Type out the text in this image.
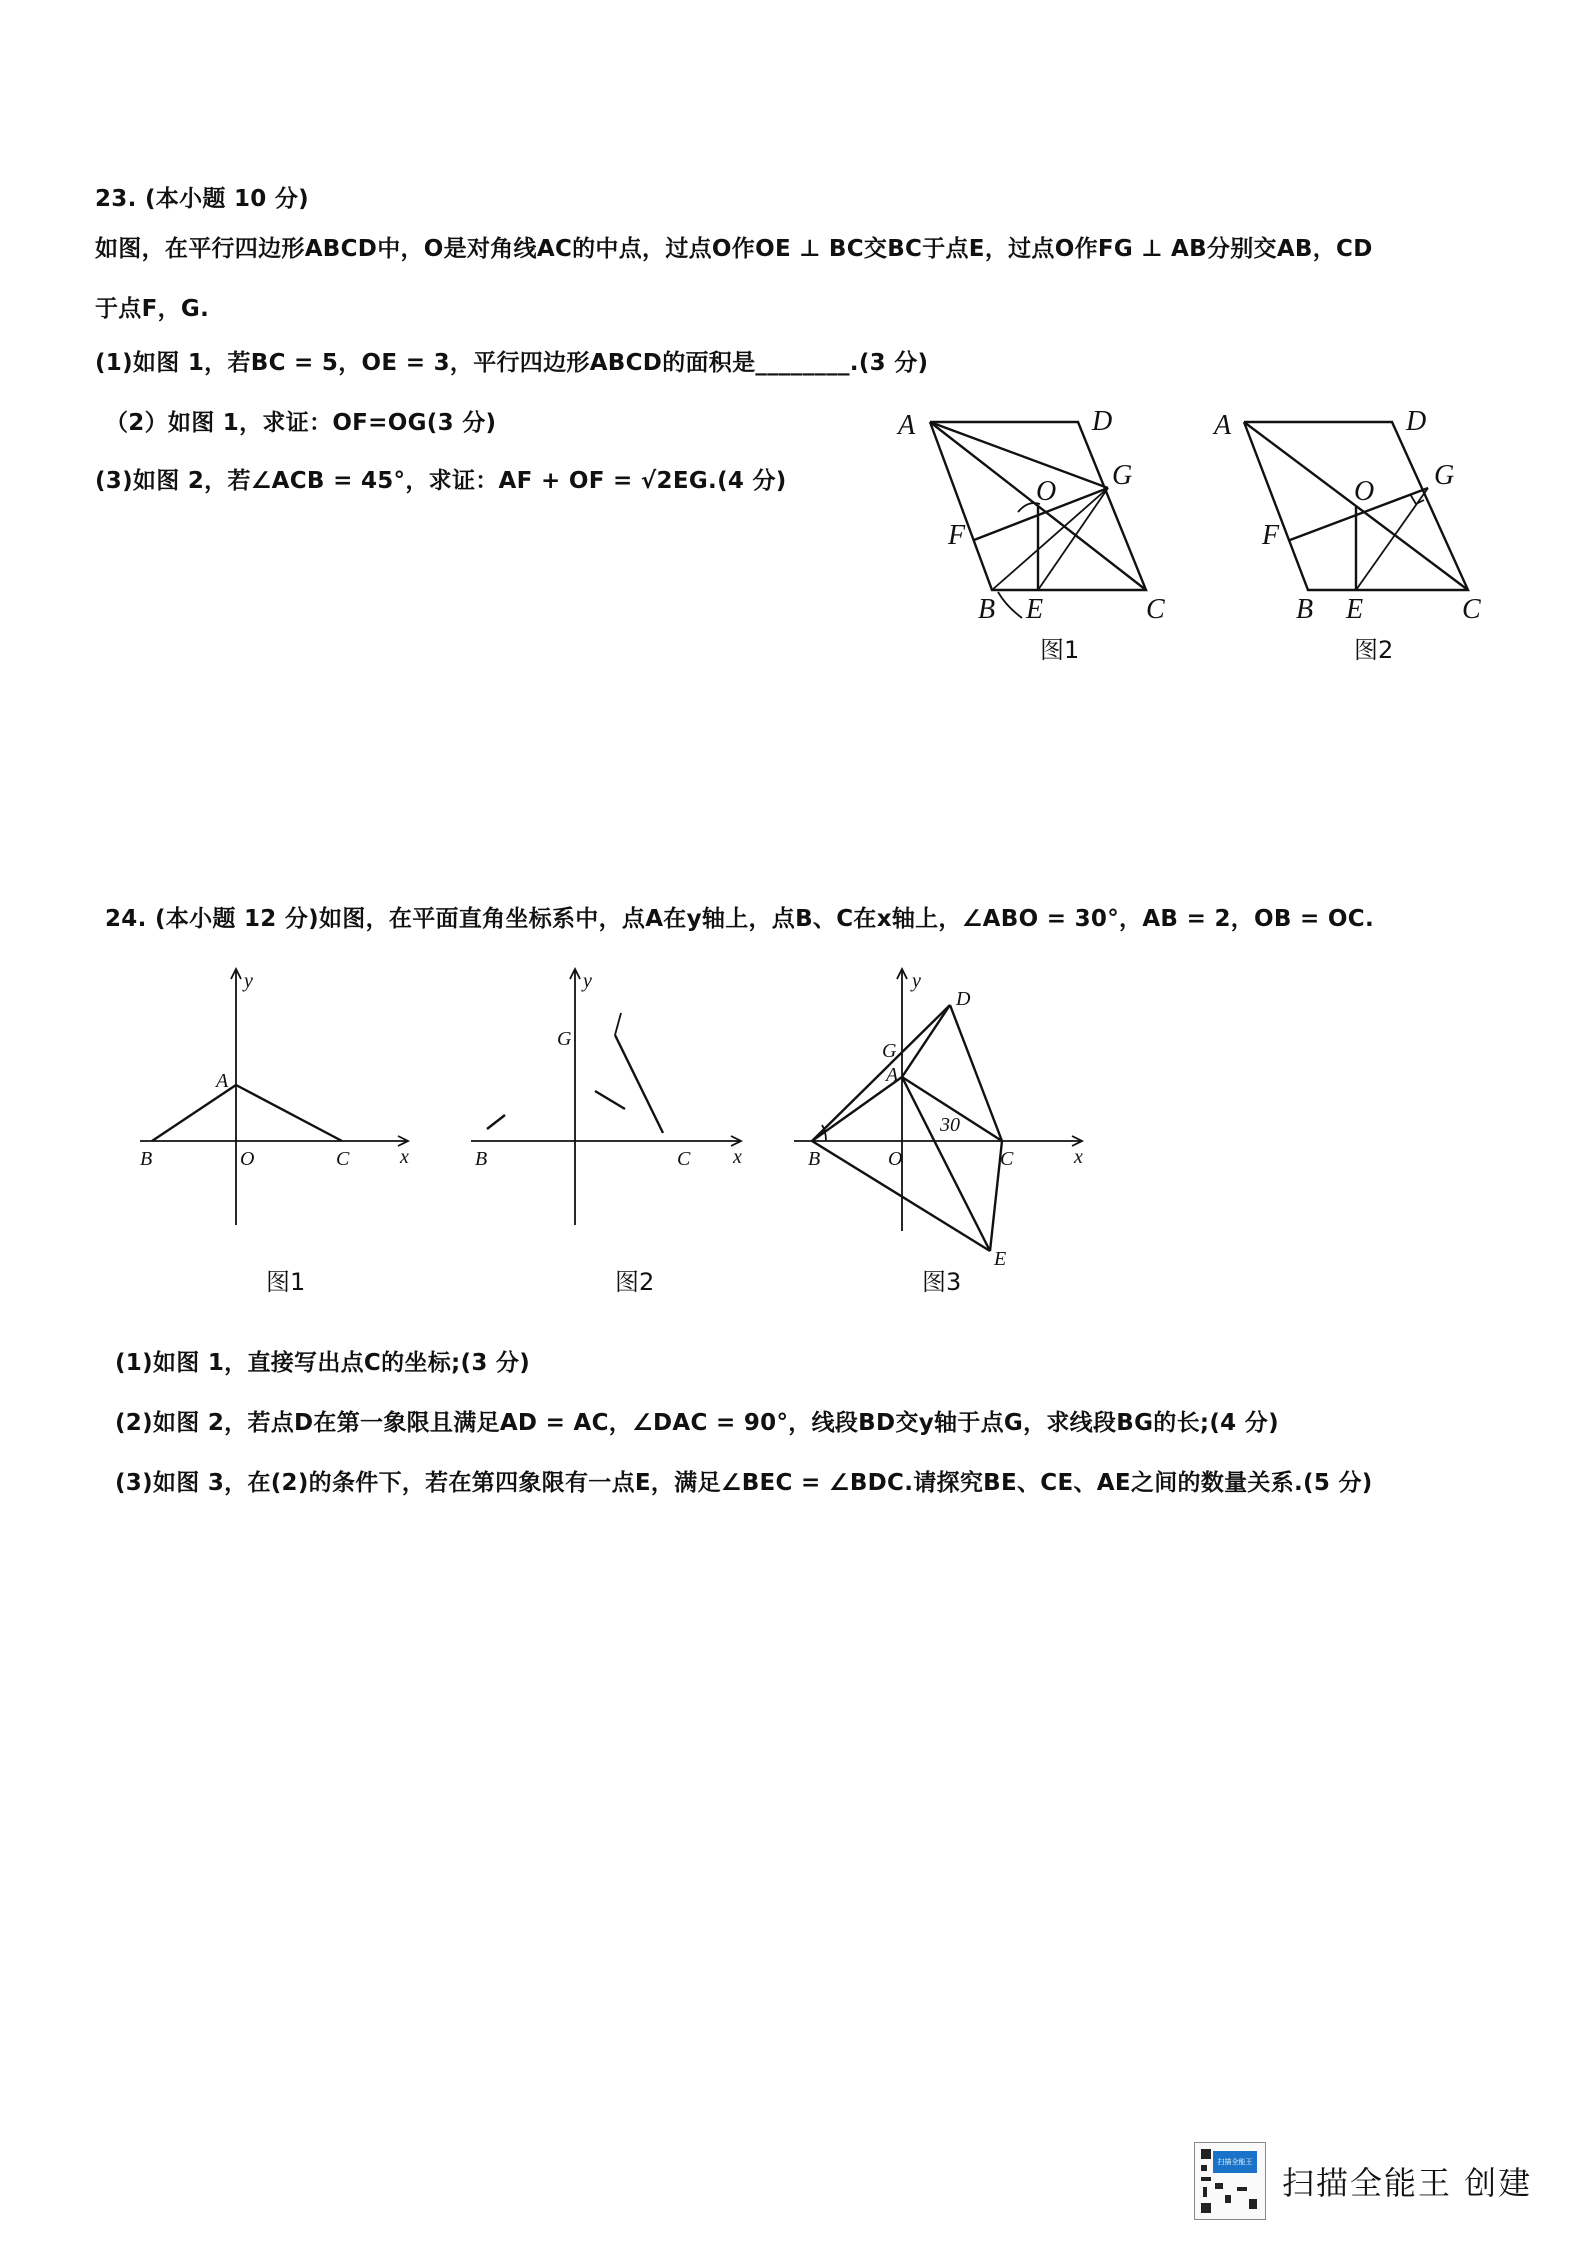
23. (本小题 10 分)
如图，在平行四边形ABCD中，O是对角线AC的中点，过点O作OE ⊥ BC交BC于点E，过点O作FG ⊥ AB分别交AB，CD
于点F，G.
(1)如图 1，若BC = 5，OE = 3，平行四边形ABCD的面积是________.(3 分)
（2）如图 1，求证：OF=OG(3 分)
(3)如图 2，若∠ACB = 45°，求证：AF + OF = √2EG.(4 分)
A	D
O
G
F
B E	C
图1
A	D
O
G
F
B E	C
图2
24. (本小题 12 分)如图，在平面直角坐标系中，点A在y轴上，点B、C在x轴上，∠ABO = 30°，AB = 2，OB = OC.
y
x
A
B	O	C
图1
y
x
G
B	C
图2
y
x
D
G
A
30
B	O	C
E
图3
(1)如图 1，直接写出点C的坐标;(3 分)
(2)如图 2，若点D在第一象限且满足AD = AC，∠DAC = 90°，线段BD交y轴于点G，求线段BG的长;(4 分)
(3)如图 3，在(2)的条件下，若在第四象限有一点E，满足∠BEC = ∠BDC.请探究BE、CE、AE之间的数量关系.(5 分)
扫描全能王
扫描全能王 创建
